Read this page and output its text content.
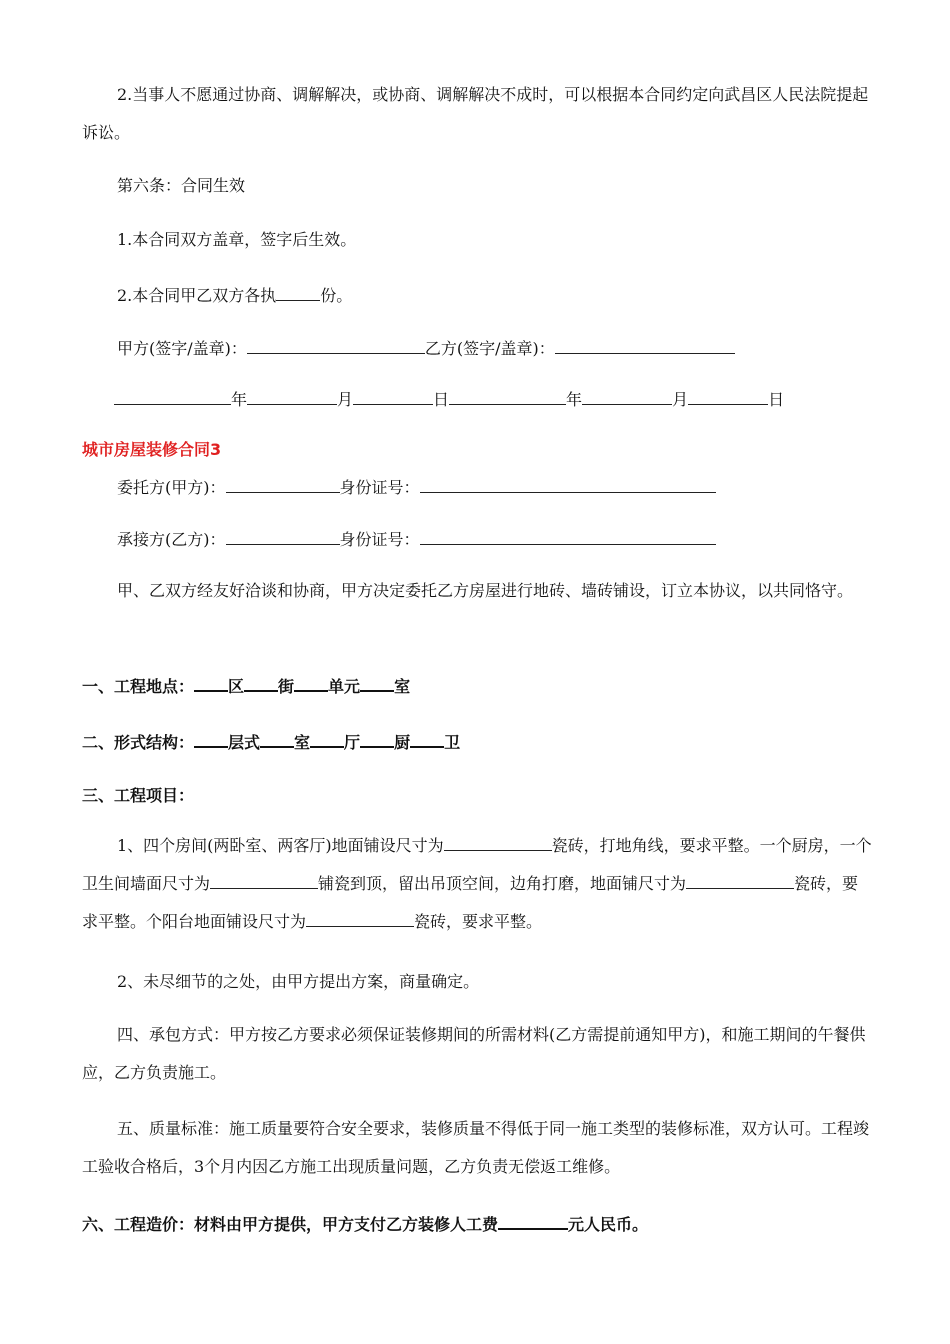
2.当事人不愿通过协商、调解解决，或协商、调解解决不成时，可以根据本合同约定向武昌区人民法院提起诉讼。
第六条：合同生效
1.本合同双方盖章，签字后生效。
2.本合同甲乙双方各执	份。
甲方(签字/盖章)：	乙方(签字/盖章)：
年	月	日	年	月	日
城市房屋装修合同3
委托方(甲方)：	身份证号：
承接方(乙方)：	身份证号：
甲、乙双方经友好洽谈和协商，甲方决定委托乙方房屋进行地砖、墙砖铺设，订立本协议，以共同恪守。
一、工程地点： 区 街 单元 室
二、形式结构： 层式 室 厅 厨 卫
三、工程项目：
1、四个房间(两卧室、两客厅)地面铺设尺寸为	瓷砖，打地角线，要求平整。一个厨房，一个卫生间墙面尺寸为	铺瓷到顶，留出吊顶空间，边角打磨，地面铺尺寸为	瓷砖，要求平整。个阳台地面铺设尺寸为	瓷砖，要求平整。
2、未尽细节的之处，由甲方提出方案，商量确定。
四、承包方式：甲方按乙方要求必须保证装修期间的所需材料(乙方需提前通知甲方)，和施工期间的午餐供应，乙方负责施工。
五、质量标准：施工质量要符合安全要求，装修质量不得低于同一施工类型的装修标准，双方认可。工程竣工验收合格后，3个月内因乙方施工出现质量问题，乙方负责无偿返工维修。
六、工程造价：材料由甲方提供，甲方支付乙方装修人工费	元人民币。
